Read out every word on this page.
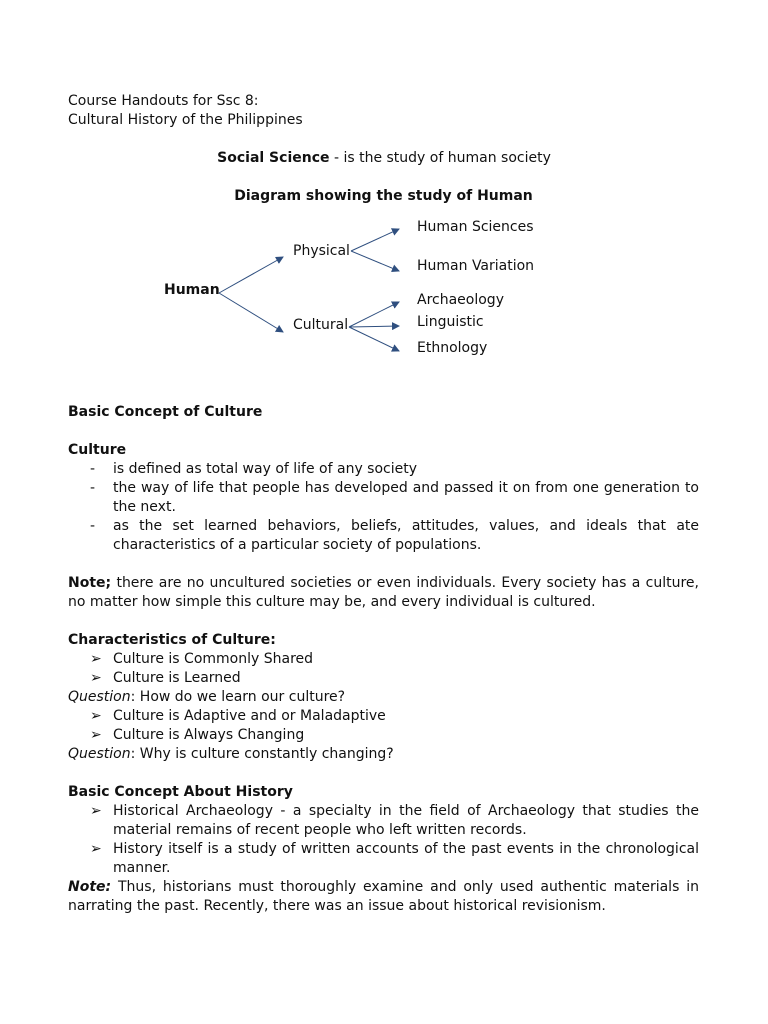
Course Handouts for Ssc 8:

Cultural History of the Philippines

Social Science - is the study of human society

Diagram showing the study of Human

Human
Physical
Cultural
Human Sciences
Human Variation
Archaeology
Linguistic
Ethnology

Basic Concept of Culture

Culture

- is defined as total way of life of any society
- the way of life that people has developed and passed it on from one generation to the next.
- as the set learned behaviors, beliefs, attitudes, values, and ideals that ate characteristics of a particular society of populations.

Note; there are no uncultured societies or even individuals. Every society has a culture, no matter how simple this culture may be, and every individual is cultured.

Characteristics of Culture:

➢ Culture is Commonly Shared
➢ Culture is Learned

Question: How do we learn our culture?

➢ Culture is Adaptive and or Maladaptive
➢ Culture is Always Changing

Question: Why is culture constantly changing?

Basic Concept About History

➢ Historical Archaeology - a specialty in the field of Archaeology that studies the material remains of recent people who left written records.
➢ History itself is a study of written accounts of the past events in the chronological manner.

Note: Thus, historians must thoroughly examine and only used authentic materials in narrating the past. Recently, there was an issue about historical revisionism.
